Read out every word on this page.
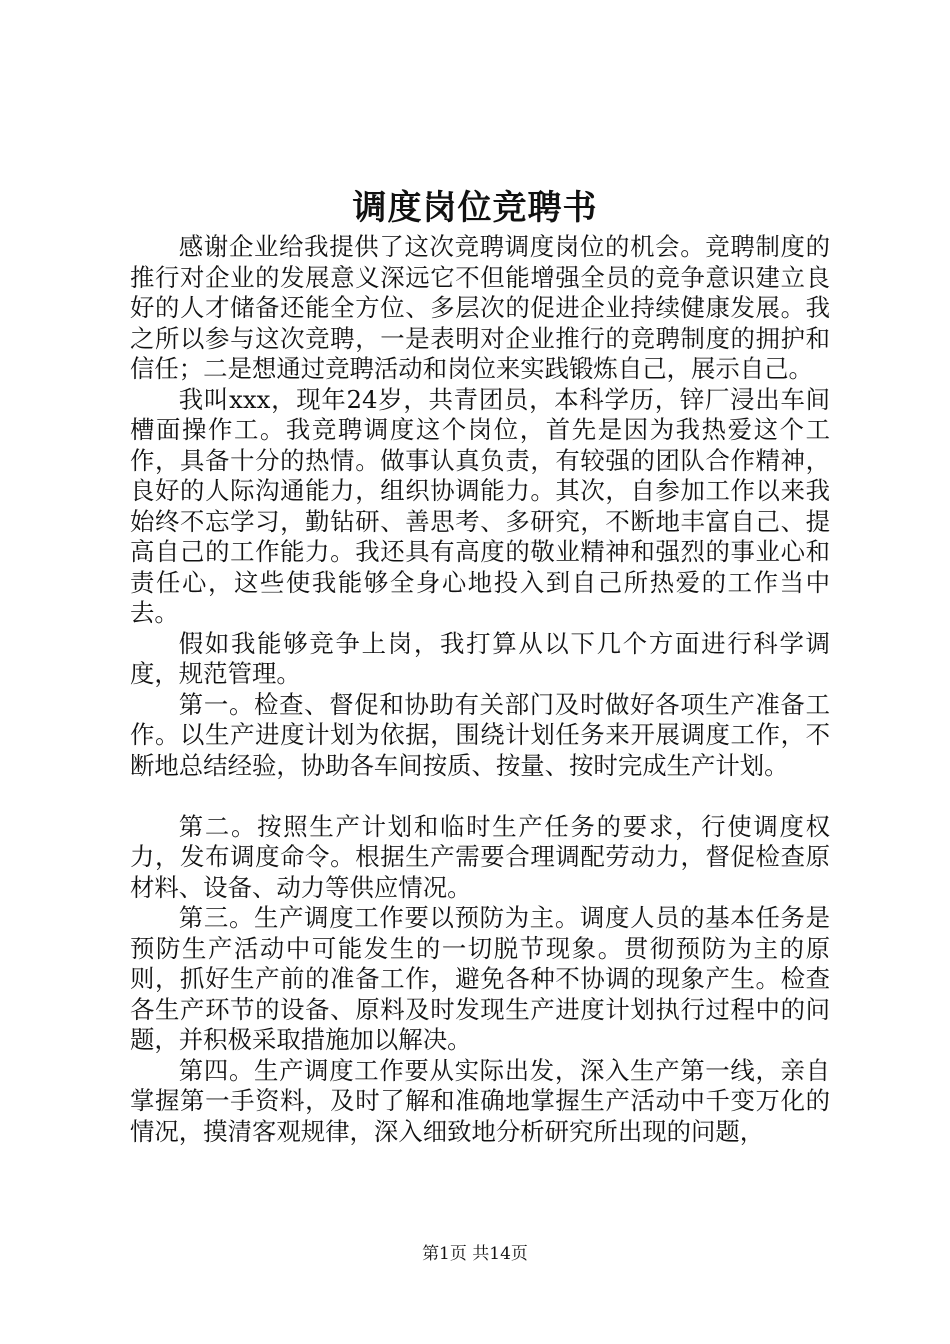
调度岗位竞聘书

感谢企业给我提供了这次竞聘调度岗位的机会。竞聘制度的推行对企业的发展意义深远它不但能增强全员的竞争意识建立良好的人才储备还能全方位、多层次的促进企业持续健康发展。我之所以参与这次竞聘，一是表明对企业推行的竞聘制度的拥护和信任；二是想通过竞聘活动和岗位来实践锻炼自己，展示自己。

我叫xxx，现年24岁，共青团员，本科学历，锌厂浸出车间槽面操作工。我竞聘调度这个岗位，首先是因为我热爱这个工作，具备十分的热情。做事认真负责，有较强的团队合作精神，良好的人际沟通能力，组织协调能力。其次，自参加工作以来我始终不忘学习，勤钻研、善思考、多研究，不断地丰富自己、提高自己的工作能力。我还具有高度的敬业精神和强烈的事业心和责任心，这些使我能够全身心地投入到自己所热爱的工作当中去。

假如我能够竞争上岗，我打算从以下几个方面进行科学调度，规范管理。

第一。检查、督促和协助有关部门及时做好各项生产准备工作。以生产进度计划为依据，围绕计划任务来开展调度工作，不断地总结经验，协助各车间按质、按量、按时完成生产计划。

第二。按照生产计划和临时生产任务的要求，行使调度权力，发布调度命令。根据生产需要合理调配劳动力，督促检查原材料、设备、动力等供应情况。

第三。生产调度工作要以预防为主。调度人员的基本任务是预防生产活动中可能发生的一切脱节现象。贯彻预防为主的原则，抓好生产前的准备工作，避免各种不协调的现象产生。检查各生产环节的设备、原料及时发现生产进度计划执行过程中的问题，并积极采取措施加以解决。

第四。生产调度工作要从实际出发，深入生产第一线，亲自掌握第一手资料，及时了解和准确地掌握生产活动中千变万化的情况，摸清客观规律，深入细致地分析研究所出现的问题，

第1页 共14页
